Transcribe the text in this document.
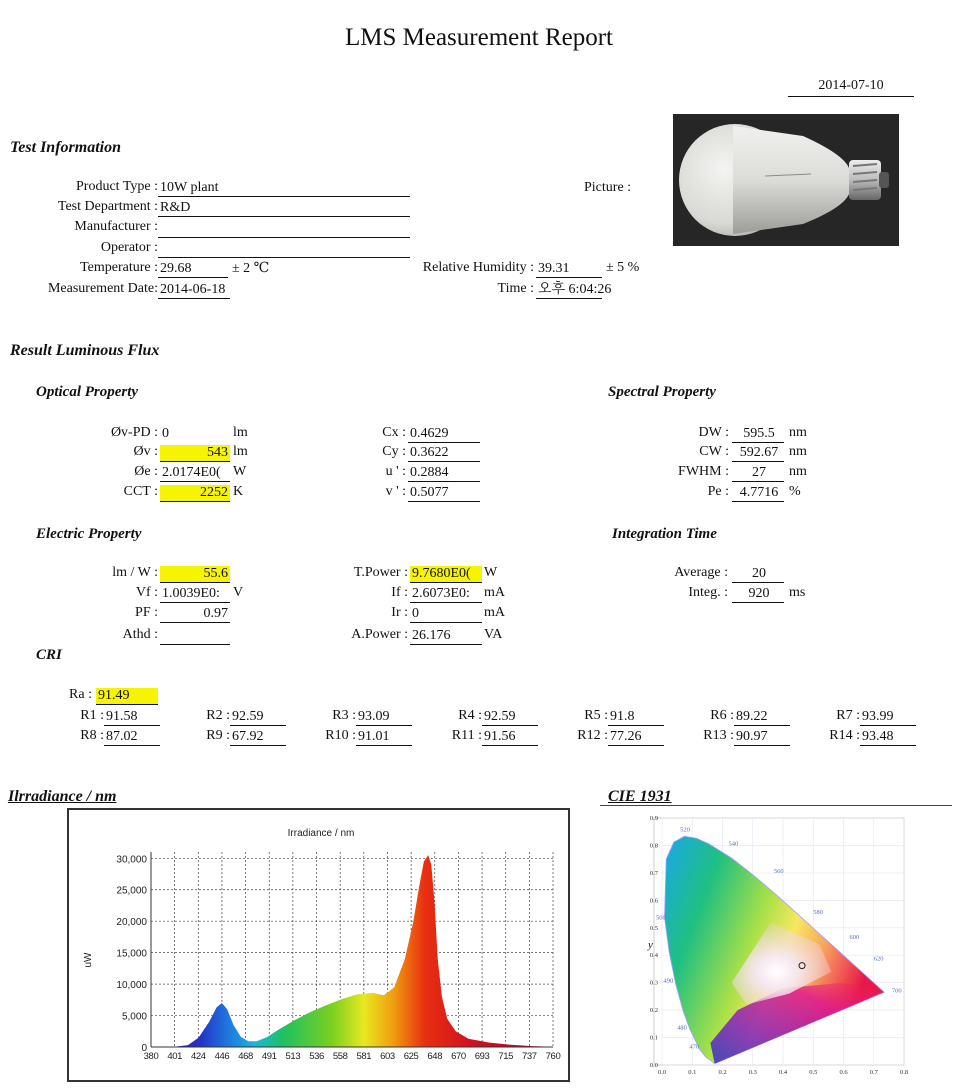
LMS Measurement Report
2014-07-10
Test Information
Product Type : 10W plant
Test Department : R&D
Manufacturer :
Operator :
Temperature : 29.68	± 2 ℃
Measurement Date: 2014-06-18
Picture :
Relative Humidity : 39.31	± 5 %
Time : 오후 6:04:26
Result Luminous Flux
Optical Property	Spectral Property
Øv-PD : 0	lm
Øv :	543 lm
Øe : 2.0174E0( W
CCT :	2252 K
Cx : 0.4629
Cy : 0.3622
u ' : 0.2884
v ' : 0.5077
DW :	595.5	nm
CW : 592.67 nm
FWHM :	27	nm
Pe : 4.7716 %
Electric Property	Integration Time
lm / W :	55.6
Vf : 1.0039E0: V
PF :	0.97
Athd :
T.Power : 9.7680E0( W
If : 2.6073E0:	mA
Ir : 0	mA
A.Power : 26.176	VA
Average :	20
Integ. :	920	ms
CRI
Ra : 91.49
R1 : 91.58	R2 : 92.59	R3 : 93.09	R4 : 92.59	R5 : 91.8	R6 : 89.22	R7 : 93.99
R8 : 87.02	R9 : 67.92	R10 : 91.01	R11 : 91.56	R12 : 77.26	R13 : 90.97	R14 : 93.48
Ilrradiance / nm
Irradiance / nm
uW
0
5,000
10,000
15,000
20,000
25,000
30,000
380 401 424 446 468 491 513 536 558 581 603 625 648 670 693 715 737 760
CIE 1931
470
480
490
500
520
540
560
580
600
620
700
0.0	0.1	0.2	0.3	0.4	0.5	0.6	0.7	0.8
0.0
0.1
0.2
0.3
0.4
0.5
0.6
0.7
0.8
0.9
y
